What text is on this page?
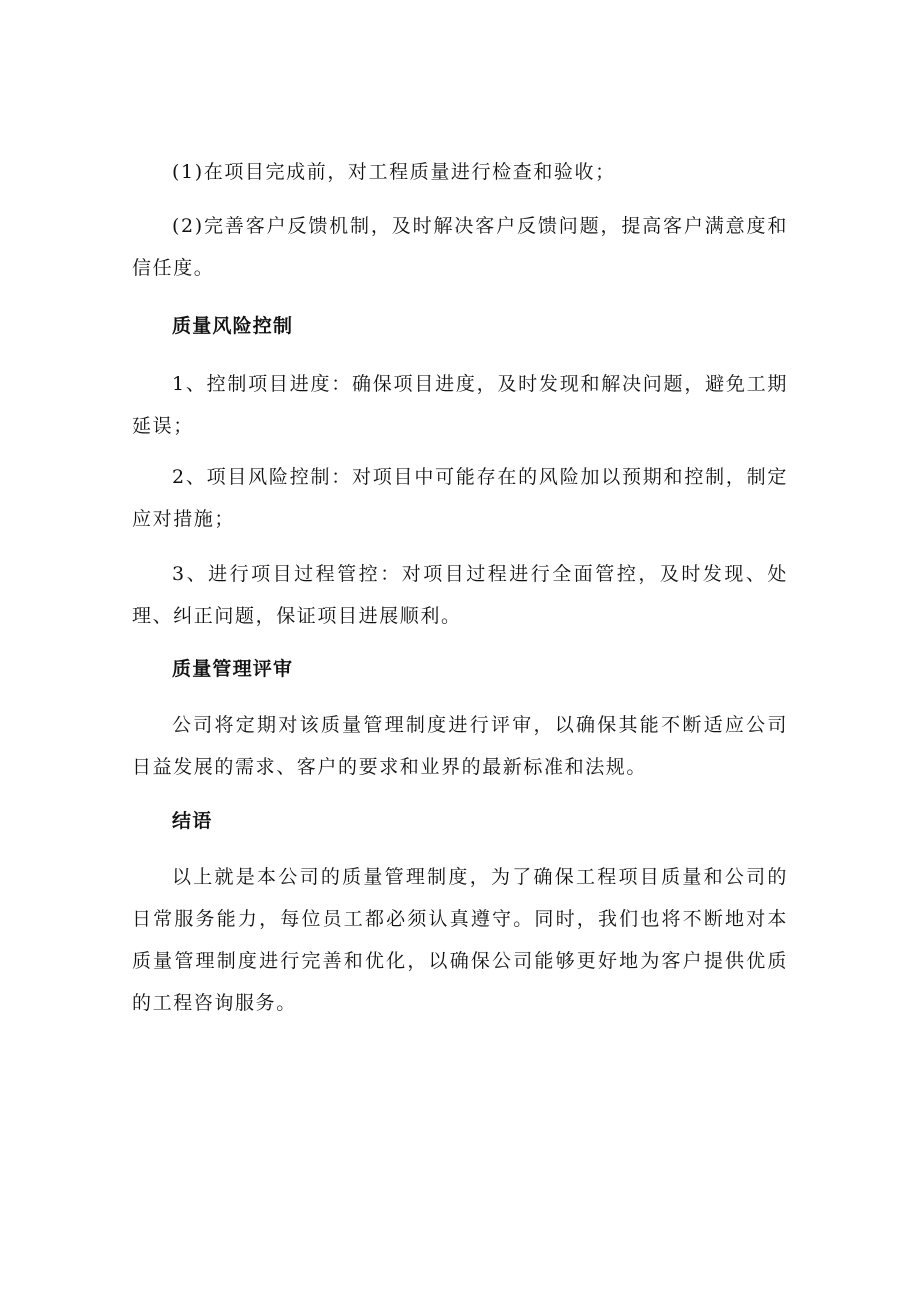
(1)在项目完成前，对工程质量进行检查和验收；

(2)完善客户反馈机制，及时解决客户反馈问题，提高客户满意度和信任度。

质量风险控制

1、控制项目进度：确保项目进度，及时发现和解决问题，避免工期延误；

2、项目风险控制：对项目中可能存在的风险加以预期和控制，制定应对措施；

3、进行项目过程管控：对项目过程进行全面管控，及时发现、处理、纠正问题，保证项目进展顺利。

质量管理评审

公司将定期对该质量管理制度进行评审，以确保其能不断适应公司日益发展的需求、客户的要求和业界的最新标准和法规。

结语

以上就是本公司的质量管理制度，为了确保工程项目质量和公司的日常服务能力，每位员工都必须认真遵守。同时，我们也将不断地对本质量管理制度进行完善和优化，以确保公司能够更好地为客户提供优质的工程咨询服务。
